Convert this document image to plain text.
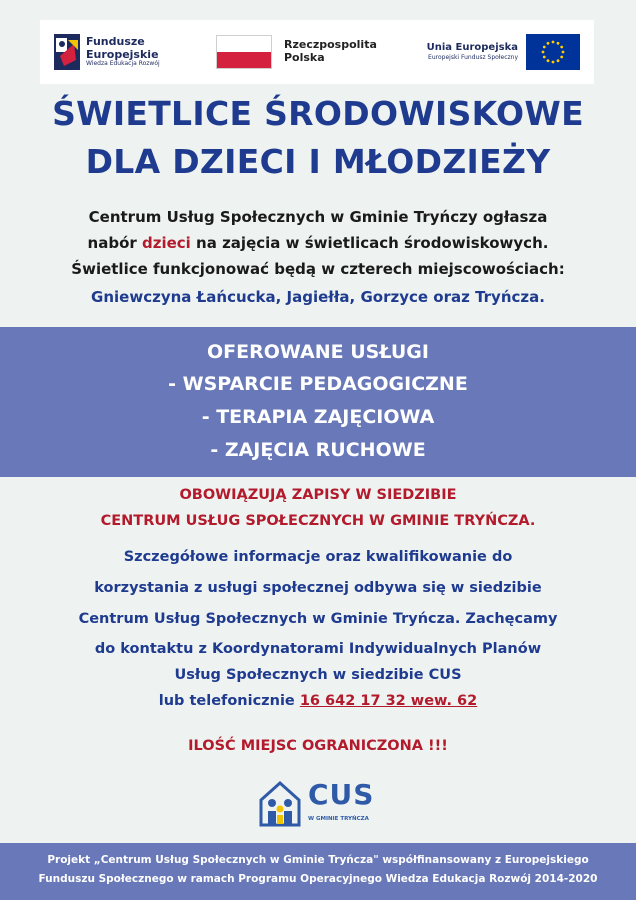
Fundusze
Europejskie
Wiedza Edukacja Rozwój
Rzeczpospolita
Polska
Unia Europejska
Europejski Fundusz Społeczny
ŚWIETLICE ŚRODOWISKOWE
DLA DZIECI I MŁODZIEŻY
Centrum Usług Społecznych w Gminie Tryńczy ogłasza
nabór dzieci na zajęcia w świetlicach środowiskowych.
Świetlice funkcjonować będą w czterech miejscowościach:
Gniewczyna Łańcucka, Jagiełła, Gorzyce oraz Tryńcza.
OFEROWANE USŁUGI
- WSPARCIE PEDAGOGICZNE
- TERAPIA ZAJĘCIOWA
- ZAJĘCIA RUCHOWE
OBOWIĄZUJĄ ZAPISY W SIEDZIBIE
CENTRUM USŁUG SPOŁECZNYCH W GMINIE TRYŃCZA.
Szczegółowe informacje oraz kwalifikowanie do
korzystania z usługi społecznej odbywa się w siedzibie
Centrum Usług Społecznych w Gminie Tryńcza. Zachęcamy
do kontaktu z Koordynatorami Indywidualnych Planów
Usług Społecznych w siedzibie CUS
lub telefonicznie 16 642 17 32 wew. 62
ILOŚĆ MIEJSC OGRANICZONA !!!
CUS
W GMINIE TRYŃCZA
Projekt „Centrum Usług Społecznych w Gminie Tryńcza" współfinansowany z Europejskiego
Funduszu Społecznego w ramach Programu Operacyjnego Wiedza Edukacja Rozwój 2014-2020
